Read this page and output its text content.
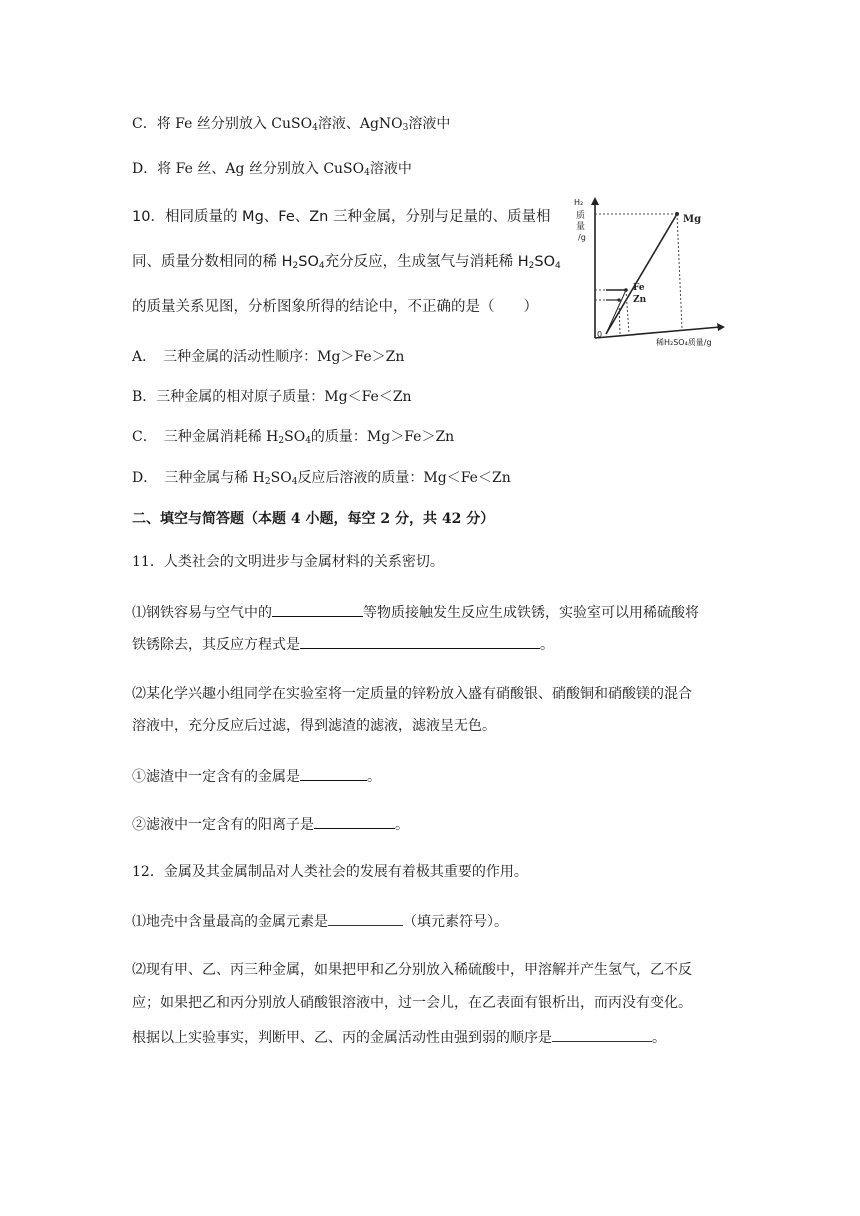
C．将 Fe 丝分别放入 CuSO$_4$溶液、AgNO$_3$溶液中
D．将 Fe 丝、Ag 丝分别放入 CuSO$_4$溶液中
10．相同质量的 Mg、Fe、Zn 三种金属，分别与足量的、质量相
同、质量分数相同的稀 $H_2SO_4$充分反应，生成氢气与消耗稀 $H_2SO_4$
的质量关系见图，分析图象所得的结论中，不正确的是（　　）
H₂
质
量
/g
0
稀H₂SO₄质量/g
Mg
Fe
Zn
A．　三种金属的活动性顺序：Mg＞Fe＞Zn
B．三种金属的相对原子质量：Mg＜Fe＜Zn
C．　三种金属消耗稀 $H_2SO_4$的质量：Mg＞Fe＞Zn
D．　三种金属与稀 $H_2SO_4$反应后溶液的质量：Mg＜Fe＜Zn
二、填空与简答题（本题 4 小题，每空 2 分，共 42 分）
11．人类社会的文明进步与金属材料的关系密切。
⑴钢铁容易与空气中的	等物质接触发生反应生成铁锈，实验室可以用稀硫酸将
铁锈除去，其反应方程式是	。
⑵某化学兴趣小组同学在实验室将一定质量的锌粉放入盛有硝酸银、硝酸铜和硝酸镁的混合
溶液中，充分反应后过滤，得到滤渣的滤液，滤液呈无色。
①滤渣中一定含有的金属是	。
②滤液中一定含有的阳离子是	。
12．金属及其金属制品对人类社会的发展有着极其重要的作用。
⑴地壳中含量最高的金属元素是	（填元素符号）。
⑵现有甲、乙、丙三种金属，如果把甲和乙分别放入稀硫酸中，甲溶解并产生氢气，乙不反
应；如果把乙和丙分别放人硝酸银溶液中，过一会儿，在乙表面有银析出，而丙没有变化。
根据以上实验事实，判断甲、乙、丙的金属活动性由强到弱的顺序是	。
